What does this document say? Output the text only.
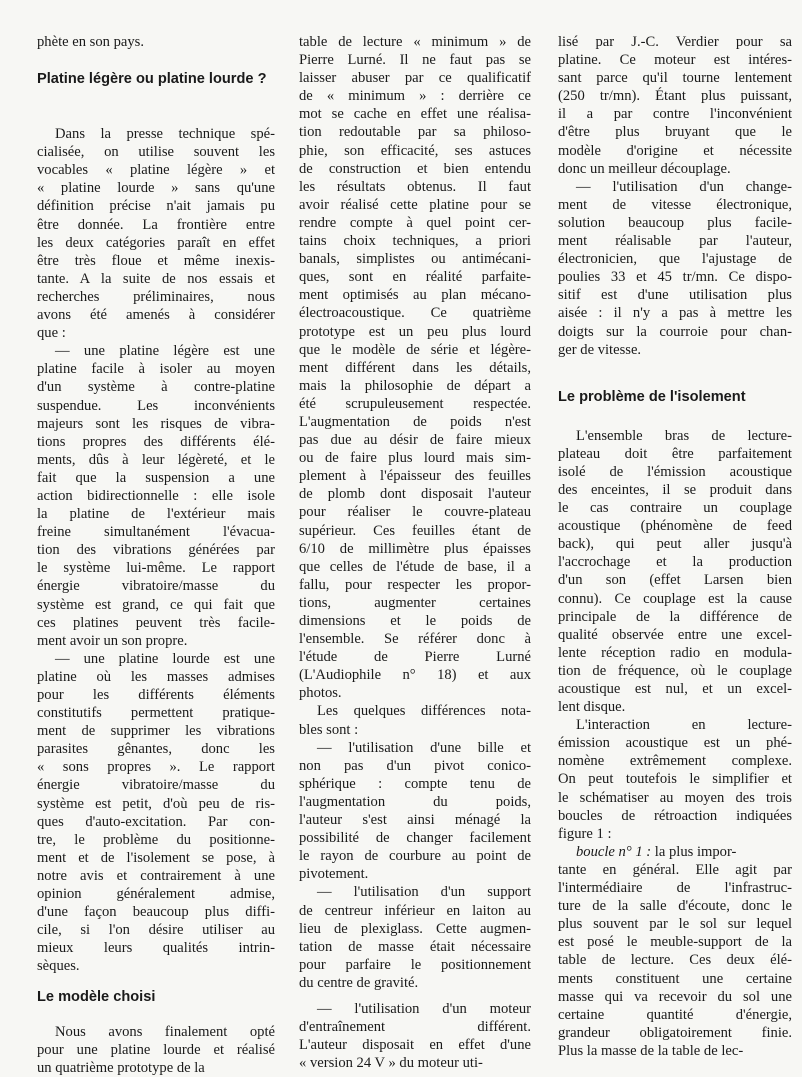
phète en son pays.
Platine légère ou platine lourde ?
Dans la presse technique spé-
cialisée, on utilise souvent les
vocables « platine légère » et
« platine lourde » sans qu'une
définition précise n'ait jamais pu
être donnée. La frontière entre
les deux catégories paraît en effet
être très floue et même inexis-
tante. A la suite de nos essais et
recherches préliminaires, nous
avons été amenés à considérer
que :
— une platine légère est une
platine facile à isoler au moyen
d'un système à contre-platine
suspendue. Les inconvénients
majeurs sont les risques de vibra-
tions propres des différents élé-
ments, dûs à leur légèreté, et le
fait que la suspension a une
action bidirectionnelle : elle isole
la platine de l'extérieur mais
freine simultanément l'évacua-
tion des vibrations générées par
le système lui-même. Le rapport
énergie vibratoire/masse du
système est grand, ce qui fait que
ces platines peuvent très facile-
ment avoir un son propre.
— une platine lourde est une
platine où les masses admises
pour les différents éléments
constitutifs permettent pratique-
ment de supprimer les vibrations
parasites gênantes, donc les
« sons propres ». Le rapport
énergie vibratoire/masse du
système est petit, d'où peu de ris-
ques d'auto-excitation. Par con-
tre, le problème du positionne-
ment et de l'isolement se pose, à
notre avis et contrairement à une
opinion généralement admise,
d'une façon beaucoup plus diffi-
cile, si l'on désire utiliser au
mieux leurs qualités intrin-
sèques.
Le modèle choisi
Nous avons finalement opté
pour une platine lourde et réalisé
un quatrième prototype de la
table de lecture « minimum » de
Pierre Lurné. Il ne faut pas se
laisser abuser par ce qualificatif
de « minimum » : derrière ce
mot se cache en effet une réalisa-
tion redoutable par sa philoso-
phie, son efficacité, ses astuces
de construction et bien entendu
les résultats obtenus. Il faut
avoir réalisé cette platine pour se
rendre compte à quel point cer-
tains choix techniques, a priori
banals, simplistes ou antimécani-
ques, sont en réalité parfaite-
ment optimisés au plan mécano-
électroacoustique. Ce quatrième
prototype est un peu plus lourd
que le modèle de série et légère-
ment différent dans les détails,
mais la philosophie de départ a
été scrupuleusement respectée.
L'augmentation de poids n'est
pas due au désir de faire mieux
ou de faire plus lourd mais sim-
plement à l'épaisseur des feuilles
de plomb dont disposait l'auteur
pour réaliser le couvre-plateau
supérieur. Ces feuilles étant de
6/10 de millimètre plus épaisses
que celles de l'étude de base, il a
fallu, pour respecter les propor-
tions, augmenter certaines
dimensions et le poids de
l'ensemble. Se référer donc à
l'étude de Pierre Lurné
(L'Audiophile n° 18) et aux
photos.
Les quelques différences nota-
bles sont :
— l'utilisation d'une bille et
non pas d'un pivot conico-
sphérique : compte tenu de
l'augmentation du poids,
l'auteur s'est ainsi ménagé la
possibilité de changer facilement
le rayon de courbure au point de
pivotement.
— l'utilisation d'un support
de centreur inférieur en laiton au
lieu de plexiglass. Cette augmen-
tation de masse était nécessaire
pour parfaire le positionnement
du centre de gravité.
— l'utilisation d'un moteur
d'entraînement différent.
L'auteur disposait en effet d'une
« version 24 V » du moteur uti-
lisé par J.-C. Verdier pour sa
platine. Ce moteur est intéres-
sant parce qu'il tourne lentement
(250 tr/mn). Étant plus puissant,
il a par contre l'inconvénient
d'être plus bruyant que le
modèle d'origine et nécessite
donc un meilleur découplage.
— l'utilisation d'un change-
ment de vitesse électronique,
solution beaucoup plus facile-
ment réalisable par l'auteur,
électronicien, que l'ajustage de
poulies 33 et 45 tr/mn. Ce dispo-
sitif est d'une utilisation plus
aisée : il n'y a pas à mettre les
doigts sur la courroie pour chan-
ger de vitesse.
Le problème de l'isolement
L'ensemble bras de lecture-
plateau doit être parfaitement
isolé de l'émission acoustique
des enceintes, il se produit dans
le cas contraire un couplage
acoustique (phénomène de feed
back), qui peut aller jusqu'à
l'accrochage et la production
d'un son (effet Larsen bien
connu). Ce couplage est la cause
principale de la différence de
qualité observée entre une excel-
lente réception radio en modula-
tion de fréquence, où le couplage
acoustique est nul, et un excel-
lent disque.
L'interaction en lecture-
émission acoustique est un phé-
nomène extrêmement complexe.
On peut toutefois le simplifier et
le schématiser au moyen des trois
boucles de rétroaction indiquées
figure 1 :
boucle n° 1 : la plus impor-
tante en général. Elle agit par
l'intermédiaire de l'infrastruc-
ture de la salle d'écoute, donc le
plus souvent par le sol sur lequel
est posé le meuble-support de la
table de lecture. Ces deux élé-
ments constituent une certaine
masse qui va recevoir du sol une
certaine quantité d'énergie,
grandeur obligatoirement finie.
Plus la masse de la table de lec-
